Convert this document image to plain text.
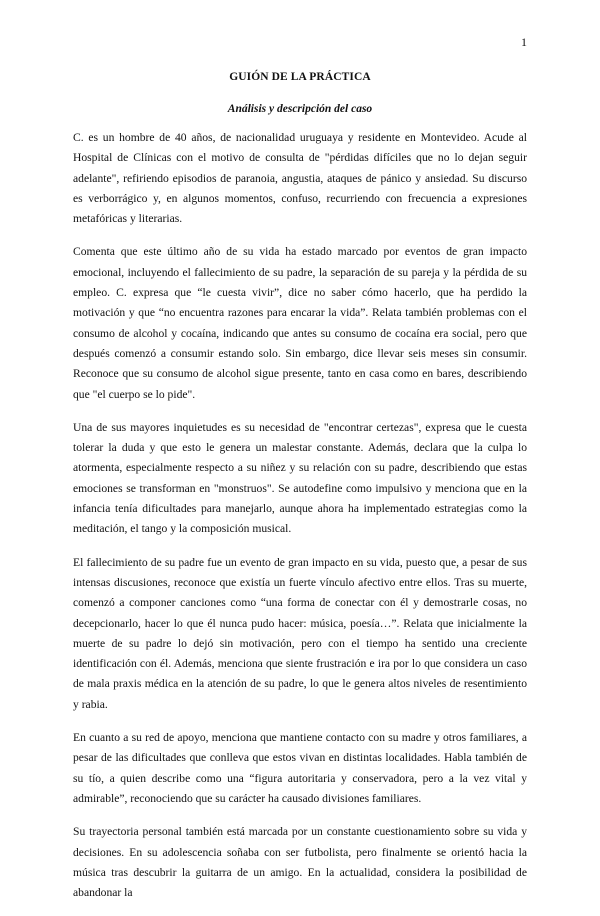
1
GUIÓN DE LA PRÁCTICA
Análisis y descripción del caso

C. es un hombre de 40 años, de nacionalidad uruguaya y residente en Montevideo. Acude al Hospital de Clínicas con el motivo de consulta de "pérdidas difíciles que no lo dejan seguir adelante", refiriendo episodios de paranoia, angustia, ataques de pánico y ansiedad. Su discurso es verborrágico y, en algunos momentos, confuso, recurriendo con frecuencia a expresiones metafóricas y literarias.

Comenta que este último año de su vida ha estado marcado por eventos de gran impacto emocional, incluyendo el fallecimiento de su padre, la separación de su pareja y la pérdida de su empleo. C. expresa que “le cuesta vivir”, dice no saber cómo hacerlo, que ha perdido la motivación y que “no encuentra razones para encarar la vida”. Relata también problemas con el consumo de alcohol y cocaína, indicando que antes su consumo de cocaína era social, pero que después comenzó a consumir estando solo. Sin embargo, dice llevar seis meses sin consumir. Reconoce que su consumo de alcohol sigue presente, tanto en casa como en bares, describiendo que "el cuerpo se lo pide".

Una de sus mayores inquietudes es su necesidad de "encontrar certezas", expresa que le cuesta tolerar la duda y que esto le genera un malestar constante. Además, declara que la culpa lo atormenta, especialmente respecto a su niñez y su relación con su padre, describiendo que estas emociones se transforman en "monstruos". Se autodefine como impulsivo y menciona que en la infancia tenía dificultades para manejarlo, aunque ahora ha implementado estrategias como la meditación, el tango y la composición musical.

El fallecimiento de su padre fue un evento de gran impacto en su vida, puesto que, a pesar de sus intensas discusiones, reconoce que existía un fuerte vínculo afectivo entre ellos. Tras su muerte, comenzó a componer canciones como “una forma de conectar con él y demostrarle cosas, no decepcionarlo, hacer lo que él nunca pudo hacer: música, poesía…”. Relata que inicialmente la muerte de su padre lo dejó sin motivación, pero con el tiempo ha sentido una creciente identificación con él. Además, menciona que siente frustración e ira por lo que considera un caso de mala praxis médica en la atención de su padre, lo que le genera altos niveles de resentimiento y rabia.

En cuanto a su red de apoyo, menciona que mantiene contacto con su madre y otros familiares, a pesar de las dificultades que conlleva que estos vivan en distintas localidades. Habla también de su tío, a quien describe como una “figura autoritaria y conservadora, pero a la vez vital y admirable”, reconociendo que su carácter ha causado divisiones familiares.

Su trayectoria personal también está marcada por un constante cuestionamiento sobre su vida y decisiones. En su adolescencia soñaba con ser futbolista, pero finalmente se orientó hacia la música tras descubrir la guitarra de un amigo. En la actualidad, considera la posibilidad de abandonar la
